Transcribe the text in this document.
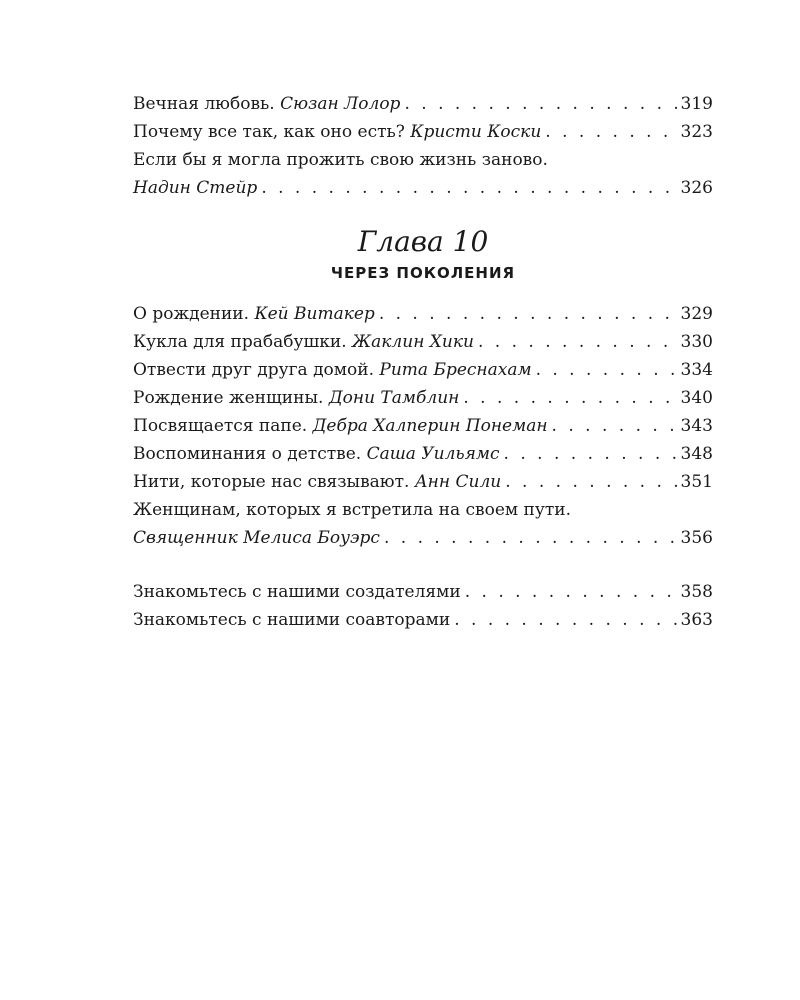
Вечная любовь. Сюзан Лолор . . .	319
Почему все так, как оно есть? Кристи Коски . . .	323
Если бы я могла прожить свою жизнь заново.
Надин Стейр . . .	326
Глава 10
ЧЕРЕЗ ПОКОЛЕНИЯ
О рождении. Кей Витакер . . .	329
Кукла для прабабушки. Жаклин Хики . . .	330
Отвести друг друга домой. Рита Бреснахам . . .	334
Рождение женщины. Дони Тамблин . . .	340
Посвящается папе. Дебра Халперин Понеман . . .	343
Воспоминания о детстве. Саша Уильямс . . .	348
Нити, которые нас связывают. Анн Сили . . .	351
Женщинам, которых я встретила на своем пути.
Священник Мелиса Боуэрс . . .	356
Знакомьтесь с нашими создателями . . .	358
Знакомьтесь с нашими соавторами . . .	363
